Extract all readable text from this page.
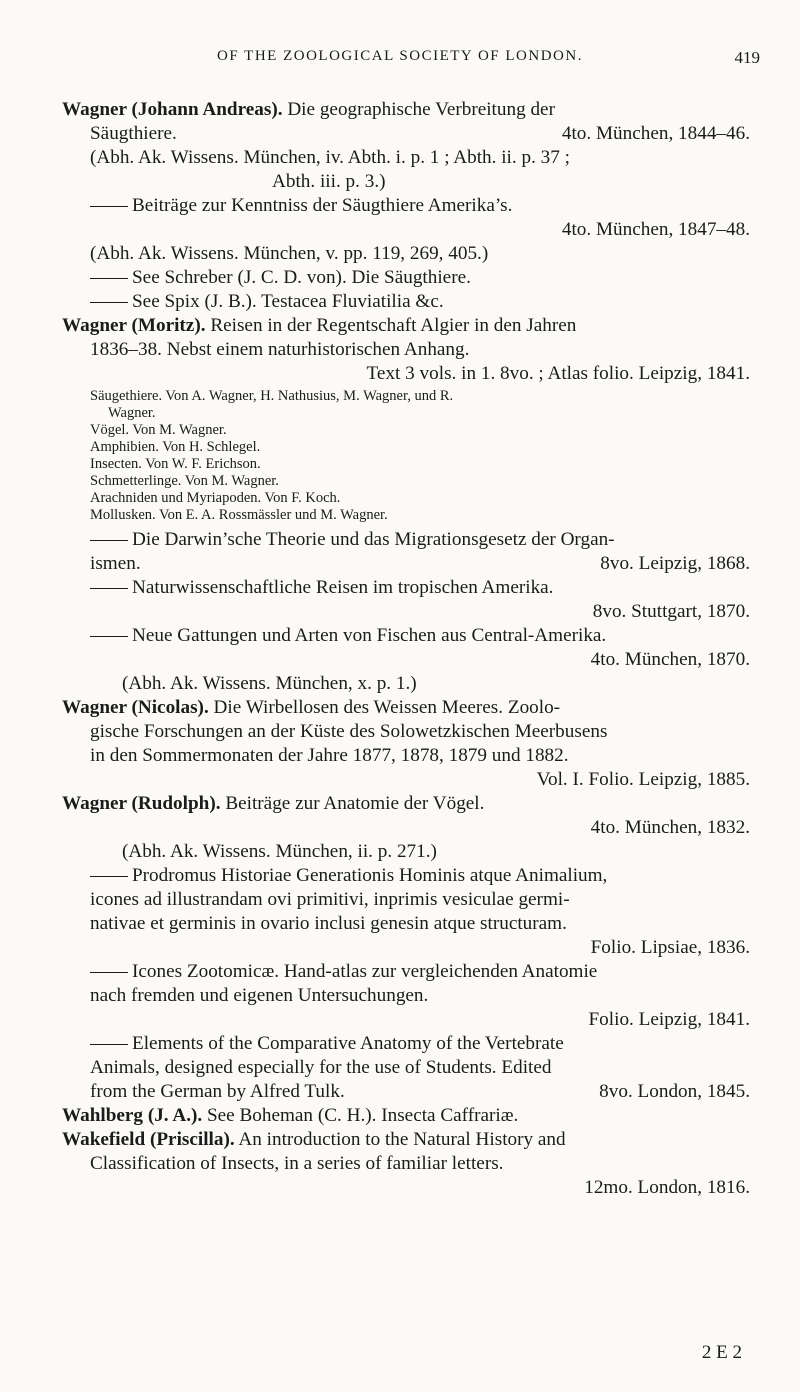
OF THE ZOOLOGICAL SOCIETY OF LONDON.	419

Wagner (Johann Andreas). Die geographische Verbreitung der

Säugthiere.	4to. München, 1844–46.

(Abh. Ak. Wissens. München, iv. Abth. i. p. 1 ; Abth. ii. p. 37 ;

Abth. iii. p. 3.)

Beiträge zur Kenntniss der Säugthiere Amerika’s.

4to. München, 1847–48.

(Abh. Ak. Wissens. München, v. pp. 119, 269, 405.)

See Schreber (J. C. D. von). Die Säugthiere.

See Spix (J. B.). Testacea Fluviatilia &c.

Wagner (Moritz). Reisen in der Regentschaft Algier in den Jahren

1836–38. Nebst einem naturhistorischen Anhang.

Text 3 vols. in 1. 8vo. ; Atlas folio. Leipzig, 1841.

Säugethiere. Von A. Wagner, H. Nathusius, M. Wagner, und R.

Wagner.

Vögel. Von M. Wagner.

Amphibien. Von H. Schlegel.

Insecten. Von W. F. Erichson.

Schmetterlinge. Von M. Wagner.

Arachniden und Myriapoden. Von F. Koch.

Mollusken. Von E. A. Rossmässler und M. Wagner.

Die Darwin’sche Theorie und das Migrationsgesetz der Organ-

ismen.	8vo. Leipzig, 1868.

Naturwissenschaftliche Reisen im tropischen Amerika.

8vo. Stuttgart, 1870.

Neue Gattungen und Arten von Fischen aus Central-Amerika.

4to. München, 1870.

(Abh. Ak. Wissens. München, x. p. 1.)

Wagner (Nicolas). Die Wirbellosen des Weissen Meeres. Zoolo-

gische Forschungen an der Küste des Solowetzkischen Meerbusens

in den Sommermonaten der Jahre 1877, 1878, 1879 und 1882.

Vol. I. Folio. Leipzig, 1885.

Wagner (Rudolph). Beiträge zur Anatomie der Vögel.

4to. München, 1832.

(Abh. Ak. Wissens. München, ii. p. 271.)

Prodromus Historiae Generationis Hominis atque Animalium,

icones ad illustrandam ovi primitivi, inprimis vesiculae germi-

nativae et germinis in ovario inclusi genesin atque structuram.

Folio. Lipsiae, 1836.

Icones Zootomicæ. Hand-atlas zur vergleichenden Anatomie

nach fremden und eigenen Untersuchungen.

Folio. Leipzig, 1841.

Elements of the Comparative Anatomy of the Vertebrate

Animals, designed especially for the use of Students. Edited

from the German by Alfred Tulk.	8vo. London, 1845.

Wahlberg (J. A.). See Boheman (C. H.). Insecta Caffrariæ.

Wakefield (Priscilla). An introduction to the Natural History and

Classification of Insects, in a series of familiar letters.

12mo. London, 1816.

2 E 2
